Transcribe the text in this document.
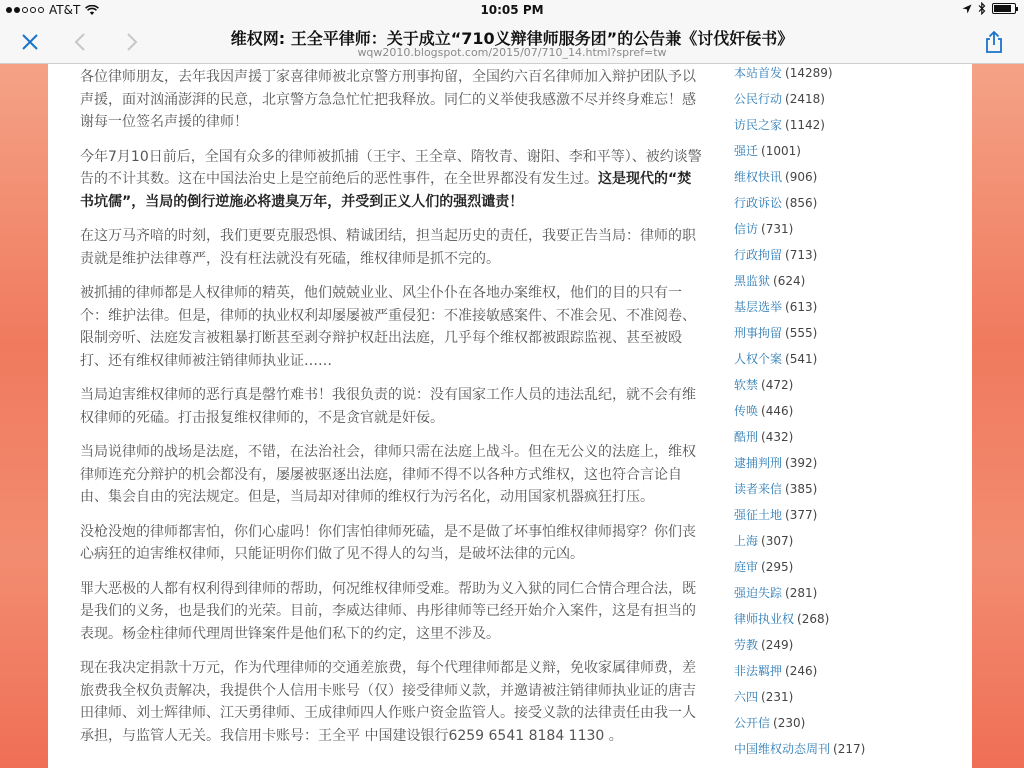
AT&T	10:05 PM
维权网: 王全平律师：关于成立“710义辩律师服务团”的公告兼《讨伐奸佞书》
wqw2010.blogspot.com/2015/07/710_14.html?spref=tw

各位律师朋友，去年我因声援丁家喜律师被北京警方刑事拘留，全国约六百名律师加入辩护团队予以声援，面对汹涌澎湃的民意，北京警方急急忙忙把我释放。同仁的义举使我感激不尽并终身难忘！感谢每一位签名声援的律师！

今年7月10日前后，全国有众多的律师被抓捕（王宇、王全章、隋牧青、谢阳、李和平等）、被约谈警告的不计其数。这在中国法治史上是空前绝后的恶性事件，在全世界都没有发生过。这是现代的“焚书坑儒”，当局的倒行逆施必将遗臭万年，并受到正义人们的强烈谴责！

在这万马齐喑的时刻，我们更要克服恐惧、精诚团结，担当起历史的责任，我要正告当局：律师的职责就是维护法律尊严，没有枉法就没有死磕，维权律师是抓不完的。

被抓捕的律师都是人权律师的精英，他们兢兢业业、风尘仆仆在各地办案维权，他们的目的只有一个：维护法律。但是，律师的执业权利却屡屡被严重侵犯：不准接敏感案件、不准会见、不准阅卷、限制旁听、法庭发言被粗暴打断甚至剥夺辩护权赶出法庭，几乎每个维权都被跟踪监视、甚至被殴打、还有维权律师被注销律师执业证……

当局迫害维权律师的恶行真是罄竹难书！我很负责的说：没有国家工作人员的违法乱纪，就不会有维权律师的死磕。打击报复维权律师的，不是贪官就是奸佞。

当局说律师的战场是法庭，不错，在法治社会，律师只需在法庭上战斗。但在无公义的法庭上，维权律师连充分辩护的机会都没有，屡屡被驱逐出法庭，律师不得不以各种方式维权，这也符合言论自由、集会自由的宪法规定。但是，当局却对律师的维权行为污名化，动用国家机器疯狂打压。

没枪没炮的律师都害怕，你们心虚吗！你们害怕律师死磕，是不是做了坏事怕维权律师揭穿？你们丧心病狂的迫害维权律师，只能证明你们做了见不得人的勾当，是破坏法律的元凶。

罪大恶极的人都有权利得到律师的帮助，何况维权律师受难。帮助为义入狱的同仁合情合理合法，既是我们的义务，也是我们的光荣。目前，李威达律师、冉彤律师等已经开始介入案件，这是有担当的表现。杨金柱律师代理周世锋案件是他们私下的约定，这里不涉及。

现在我决定捐款十万元，作为代理律师的交通差旅费，每个代理律师都是义辩，免收家属律师费，差旅费我全权负责解决，我提供个人信用卡账号（仅）接受律师义款，并邀请被注销律师执业证的唐吉田律师、刘士辉律师、江天勇律师、王成律师四人作账户资金监管人。接受义款的法律责任由我一人承担，与监管人无关。我信用卡账号：王全平 中国建设银行6259 6541 8184 1130 。

本站首发 (14289)
公民行动 (2418)
访民之家 (1142)
强迁 (1001)
维权快讯 (906)
行政诉讼 (856)
信访 (731)
行政拘留 (713)
黑监狱 (624)
基层选举 (613)
刑事拘留 (555)
人权个案 (541)
软禁 (472)
传唤 (446)
酷刑 (432)
逮捕判刑 (392)
读者来信 (385)
强征土地 (377)
上海 (307)
庭审 (295)
强迫失踪 (281)
律师执业权 (268)
劳教 (249)
非法羁押 (246)
六四 (231)
公开信 (230)
中国维权动态周刊 (217)
